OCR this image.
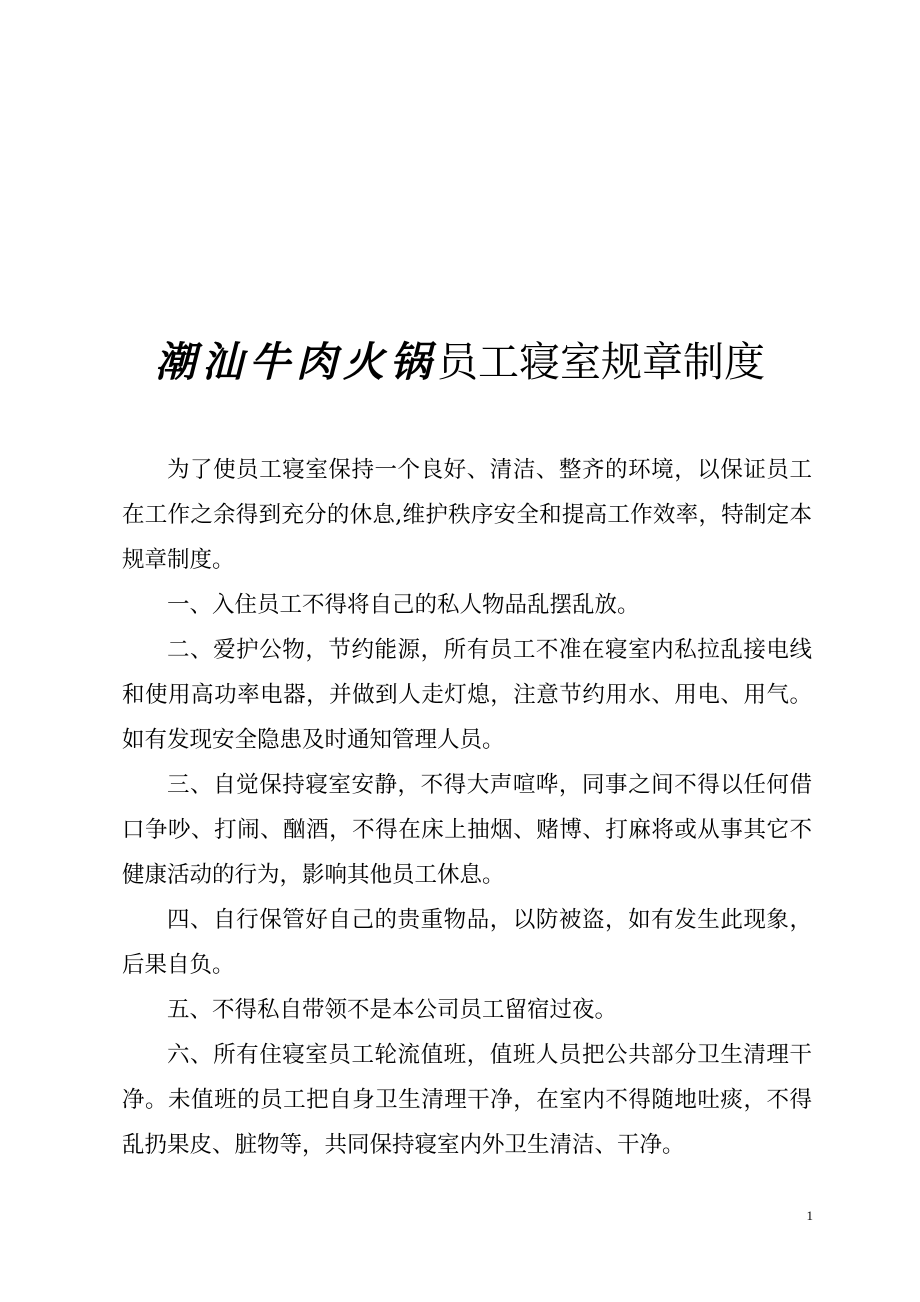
潮汕牛肉火锅员工寝室规章制度

为了使员工寝室保持一个良好、清洁、整齐的环境，以保证员工在工作之余得到充分的休息,维护秩序安全和提高工作效率，特制定本规章制度。

一、入住员工不得将自己的私人物品乱摆乱放。

二、爱护公物，节约能源，所有员工不准在寝室内私拉乱接电线和使用高功率电器，并做到人走灯熄，注意节约用水、用电、用气。如有发现安全隐患及时通知管理人员。

三、自觉保持寝室安静，不得大声喧哗，同事之间不得以任何借口争吵、打闹、酗酒，不得在床上抽烟、赌博、打麻将或从事其它不健康活动的行为，影响其他员工休息。

四、自行保管好自己的贵重物品，以防被盗，如有发生此现象，后果自负。

五、不得私自带领不是本公司员工留宿过夜。

六、所有住寝室员工轮流值班，值班人员把公共部分卫生清理干净。未值班的员工把自身卫生清理干净，在室内不得随地吐痰，不得乱扔果皮、脏物等，共同保持寝室内外卫生清洁、干净。

1
